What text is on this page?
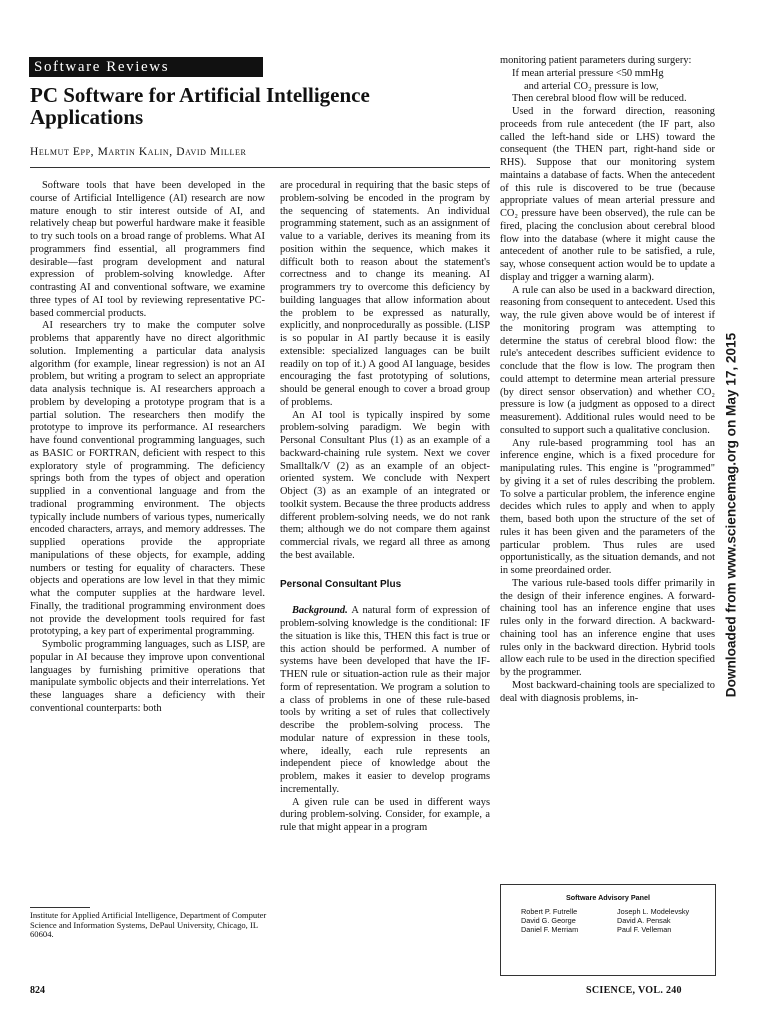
Software Reviews
PC Software for Artificial Intelligence Applications
Helmut Epp, Martin Kalin, David Miller

Software tools that have been developed in the course of Artificial Intelligence (AI) research are now mature enough to stir interest outside of AI, and relatively cheap but powerful hardware make it feasible to try such tools on a broad range of problems. What AI programmers find essential, all programmers find desirable—fast program development and natural expression of problem-solving knowledge. After contrasting AI and conventional software, we examine three types of AI tool by reviewing representative PC-based commercial products.

AI researchers try to make the computer solve problems that apparently have no direct algorithmic solution. Implementing a particular data analysis algorithm (for example, linear regression) is not an AI problem, but writing a program to select an appropriate data analysis technique is. AI researchers approach a problem by developing a prototype program that is a partial solution. The researchers then modify the prototype to improve its performance. AI researchers have found conventional programming languages, such as BASIC or FORTRAN, deficient with respect to this exploratory style of programming. The deficiency springs both from the types of object and operation supplied in a conventional language and from the tradional programming environment. The objects typically include numbers of various types, numerically encoded characters, arrays, and memory addresses. The supplied operations provide the appropriate manipulations of these objects, for example, adding numbers or testing for equality of characters. These objects and operations are low level in that they mimic what the computer supplies at the hardware level. Finally, the traditional programming environment does not provide the development tools required for fast prototyping, a key part of experimental programming.

Symbolic programming languages, such as LISP, are popular in AI because they improve upon conventional languages by furnishing primitive operations that manipulate symbolic objects and their interrelations. Yet these languages share a deficiency with their conventional counterparts: both

are procedural in requiring that the basic steps of problem-solving be encoded in the program by the sequencing of statements. An individual programming statement, such as an assignment of value to a variable, derives its meaning from its position within the sequence, which makes it difficult both to reason about the statement's correctness and to change its meaning. AI programmers try to overcome this deficiency by building languages that allow information about the problem to be expressed as naturally, explicitly, and nonprocedurally as possible. (LISP is so popular in AI partly because it is easily extensible: specialized languages can be built readily on top of it.) A good AI language, besides encouraging the fast prototyping of solutions, should be general enough to cover a broad group of problems.

An AI tool is typically inspired by some problem-solving paradigm. We begin with Personal Consultant Plus (1) as an example of a backward-chaining rule system. Next we cover Smalltalk/V (2) as an example of an object-oriented system. We conclude with Nexpert Object (3) as an example of an integrated or toolkit system. Because the three products address different problem-solving needs, we do not rank them; although we do not compare them against commercial rivals, we regard all three as among the best available.

Personal Consultant Plus

Background. A natural form of expression of problem-solving knowledge is the conditional: IF the situation is like this, THEN this fact is true or this action should be performed. A number of systems have been developed that have the IF-THEN rule or situation-action rule as their major form of representation. We program a solution to a class of problems in one of these rule-based tools by writing a set of rules that collectively describe the problem-solving process. The modular nature of expression in these tools, where, ideally, each rule represents an independent piece of knowledge about the problem, makes it easier to develop programs incrementally.

A given rule can be used in different ways during problem-solving. Consider, for example, a rule that might appear in a program

monitoring patient parameters during surgery:

If mean arterial pressure <50 mmHg

and arterial CO₂ pressure is low,

Then cerebral blood flow will be reduced.

Used in the forward direction, reasoning proceeds from rule antecedent (the IF part, also called the left-hand side or LHS) toward the consequent (the THEN part, right-hand side or RHS). Suppose that our monitoring system maintains a database of facts. When the antecedent of this rule is discovered to be true (because appropriate values of mean arterial pressure and CO₂ pressure have been observed), the rule can be fired, placing the conclusion about cerebral blood flow into the database (where it might cause the antecedent of another rule to be satisfied, a rule, say, whose consequent action would be to update a display and trigger a warning alarm).

A rule can also be used in a backward direction, reasoning from consequent to antecedent. Used this way, the rule given above would be of interest if the monitoring program was attempting to determine the status of cerebral blood flow: the rule's antecedent describes sufficient evidence to conclude that the flow is low. The program then could attempt to determine mean arterial pressure (by direct sensor observation) and whether CO₂ pressure is low (a judgment as opposed to a direct measurement). Additional rules would need to be consulted to support such a qualitative conclusion.

Any rule-based programming tool has an inference engine, which is a fixed procedure for manipulating rules. This engine is "programmed" by giving it a set of rules describing the problem. To solve a particular problem, the inference engine decides which rules to apply and when to apply them, based both upon the structure of the set of rules it has been given and the parameters of the particular problem. Thus rules are used opportunistically, as the situation demands, and not in some preordained order.

The various rule-based tools differ primarily in the design of their inference engines. A forward-chaining tool has an inference engine that uses rules only in the forward direction. A backward-chaining tool has an inference engine that uses rules only in the backward direction. Hybrid tools allow each rule to be used in the direction specified by the programmer.

Most backward-chaining tools are specialized to deal with diagnosis problems, in-

Institute for Applied Artificial Intelligence, Department of Computer Science and Information Systems, DePaul University, Chicago, IL 60604.
Software Advisory Panel
Robert P. Futrelle
David G. George
Daniel F. Merriam
Joseph L. Modelevsky
David A. Pensak
Paul F. Velleman
824	SCIENCE, VOL. 240
Downloaded from www.sciencemag.org on May 17, 2015
